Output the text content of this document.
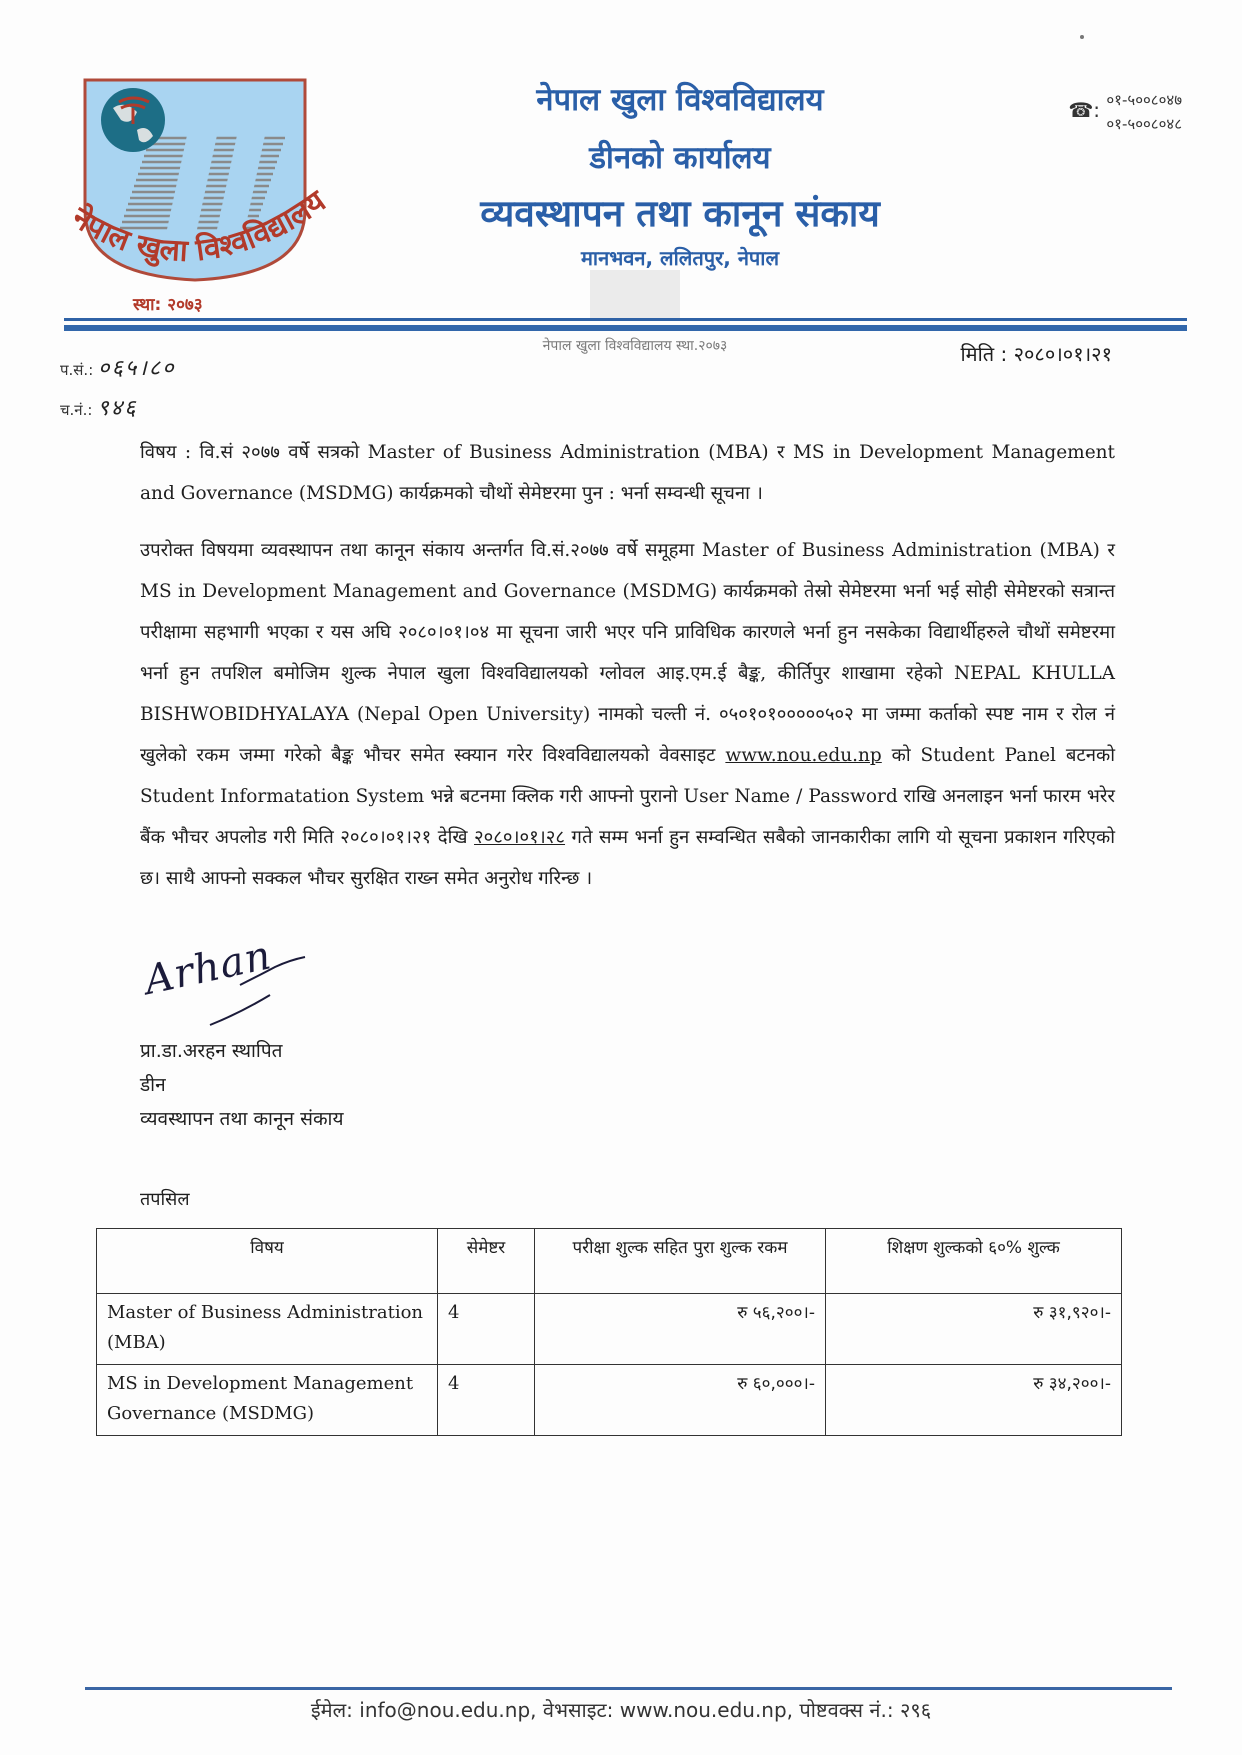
नेपाल खुला विश्वविद्यालय
स्था: २०७३
नेपाल खुला विश्वविद्यालय स्था.२०७३
नेपाल खुला विश्वविद्यालय
डीनको कार्यालय
व्यवस्थापन तथा कानून संकाय
मानभवन, ललितपुर, नेपाल
☎: ०१-५००८०४७
०१-५००८०४८
प.सं.: ०६५।८०
च.नं.: ९४६
मिति : २०८०।०१।२१
विषय : वि.सं २०७७ वर्षे सत्रको Master of Business Administration (MBA) र MS in Development Management and Governance (MSDMG) कार्यक्रमको चौथों सेमेष्टरमा पुन : भर्ना सम्वन्धी सूचना ।
उपरोक्त विषयमा व्यवस्थापन तथा कानून संकाय अन्तर्गत वि.सं.२०७७ वर्षे समूहमा Master of Business Administration (MBA) र MS in Development Management and Governance (MSDMG) कार्यक्रमको तेस्रो सेमेष्टरमा भर्ना भई सोही सेमेष्टरको सत्रान्त परीक्षामा सहभागी भएका र यस अघि २०८०।०१।०४ मा सूचना जारी भएर पनि प्राविधिक कारणले भर्ना हुन नसकेका विद्यार्थीहरुले चौथों समेष्टरमा भर्ना हुन तपशिल बमोजिम शुल्क नेपाल खुला विश्वविद्यालयको ग्लोवल आइ.एम.ई बैङ्क, कीर्तिपुर शाखामा रहेको NEPAL KHULLA BISHWOBIDHYALAYA (Nepal Open University) नामको चल्ती नं. ०५०१०१०००००५०२ मा जम्मा कर्ताको स्पष्ट नाम र रोल नं खुलेको रकम जम्मा गरेको बैङ्क भौचर समेत स्क्यान गरेर विश्वविद्यालयको वेवसाइट www.nou.edu.np को Student Panel बटनको Student Informatation System भन्ने बटनमा क्लिक गरी आफ्नो पुरानो User Name / Password राखि अनलाइन भर्ना फारम भरेर बैंक भौचर अपलोड गरी मिति २०८०।०१।२१ देखि २०८०।०१।२८ गते सम्म भर्ना हुन सम्वन्धित सबैको जानकारीका लागि यो सूचना प्रकाशन गरिएको छ। साथै आफ्नो सक्कल भौचर सुरक्षित राख्न समेत अनुरोध गरिन्छ ।
Arhan
प्रा.डा.अरहन स्थापित
डीन
व्यवस्थापन तथा कानून संकाय
तपसिल
विषय	सेमेष्टर	परीक्षा शुल्क सहित पुरा शुल्क रकम	शिक्षण शुल्कको ६०% शुल्क
Master of Business Administration (MBA)	4	रु ५६,२००।-	रु ३१,९२०।-
MS in Development Management Governance (MSDMG)	4	रु ६०,०००।-	रु ३४,२००।-
ईमेल: info@nou.edu.np, वेभसाइट: www.nou.edu.np, पोष्टवक्स नं.: २९६
